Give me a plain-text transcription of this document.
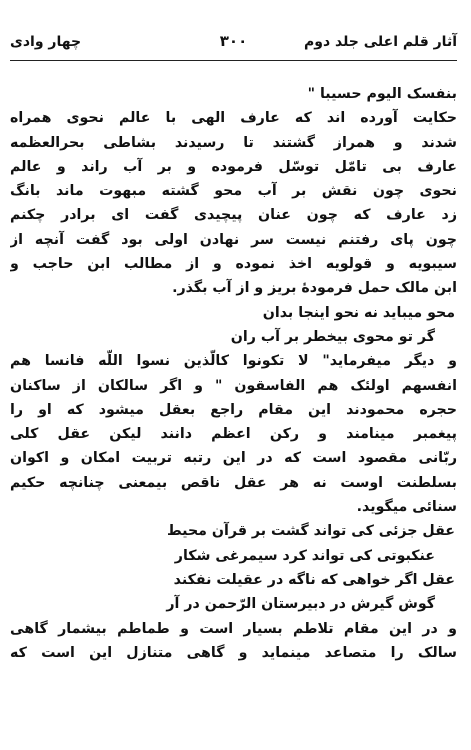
آثار قلم اعلی جلد دوم
۳۰۰
چهار وادی
بنفسک الیوم حسیبا "
حکایت آورده اند که عارف الهی با عالم نحوی همراه
شدند و همراز گشتند تا رسیدند بشاطی بحرالعظمه
عارف بی تامّل توسّل فرموده و بر آب راند و عالم
نحوی چون نقش بر آب محو گشته مبهوت ماند بانگ
زد عارف که چون عنان پیچیدی گفت ای برادر چکنم
چون پای رفتنم نیست سر نهادن اولی بود گفت آنچه از
سیبویه و قولویه اخذ نموده و از مطالب ابن حاجب و
ابن مالک حمل فرمودهٔ بریز و از آب بگذر.
محو میباید نه نحو اینجا بدان
گر تو محوی بیخطر بر آب ران
و دیگر میفرماید" لا تکونوا کالّذین نسوا اللّه فانسا هم
انفسهم اولئک هم الفاسقون " و اگر سالکان از ساکنان
حجره محمودند این مقام راجع بعقل میشود که او را
پیغمبر مینامند و رکن اعظم دانند لیکن عقل کلی
ربّانی مقصود است که در این رتبه تربیت امکان و اکوان
بسلطنت اوست نه هر عقل ناقص بیمعنی چنانچه حکیم
سنائی میگوید.
عقل جزئی کی تواند گشت بر قرآن محیط
عنکبوتی کی تواند کرد سیمرغی شکار
عقل اگر خواهی که ناگه در عقیلت نفکند
گوش گیرش در دبیرستان الرّحمن در آر
و در این مقام تلاطم بسیار است و طماطم بیشمار گاهی
سالک را متصاعد مینماید و گاهی متنازل این است که
